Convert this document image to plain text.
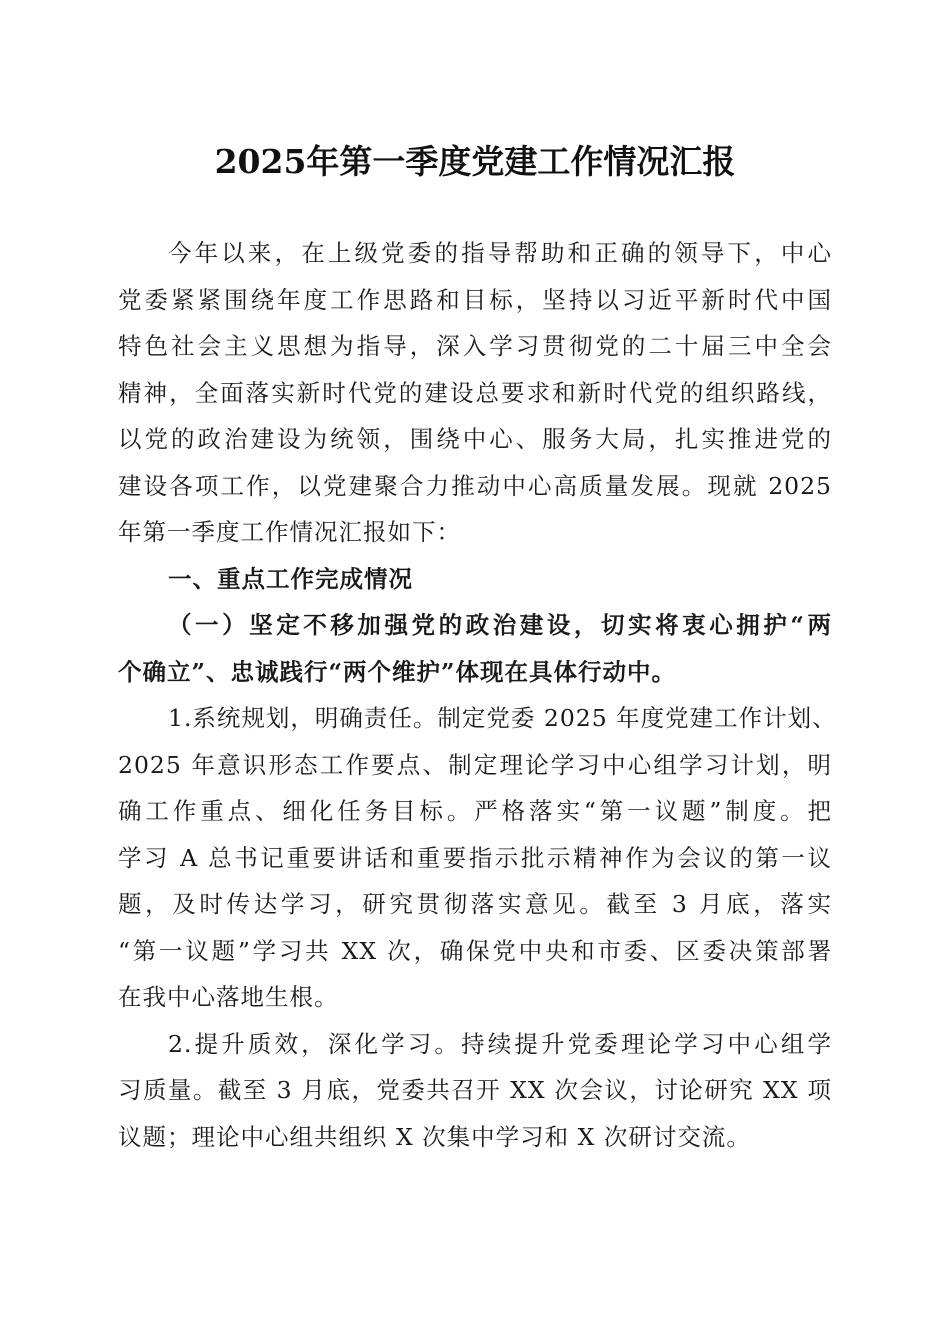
2025年第一季度党建工作情况汇报
今年以来，在上级党委的指导帮助和正确的领导下，中心
党委紧紧围绕年度工作思路和目标，坚持以习近平新时代中国
特色社会主义思想为指导，深入学习贯彻党的二十届三中全会
精神，全面落实新时代党的建设总要求和新时代党的组织路线，
以党的政治建设为统领，围绕中心、服务大局，扎实推进党的
建设各项工作，以党建聚合力推动中心高质量发展。现就 2025
年第一季度工作情况汇报如下：
一、重点工作完成情况
（一）坚定不移加强党的政治建设，切实将衷心拥护“两
个确立”、忠诚践行“两个维护”体现在具体行动中。
1.系统规划，明确责任。制定党委 2025 年度党建工作计划、
2025 年意识形态工作要点、制定理论学习中心组学习计划，明
确工作重点、细化任务目标。严格落实“第一议题”制度。把
学习 A 总书记重要讲话和重要指示批示精神作为会议的第一议
题，及时传达学习，研究贯彻落实意见。截至 3 月底，落实
“第一议题”学习共 XX 次，确保党中央和市委、区委决策部署
在我中心落地生根。
2.提升质效，深化学习。持续提升党委理论学习中心组学
习质量。截至 3 月底，党委共召开 XX 次会议，讨论研究 XX 项
议题；理论中心组共组织 X 次集中学习和 X 次研讨交流。
